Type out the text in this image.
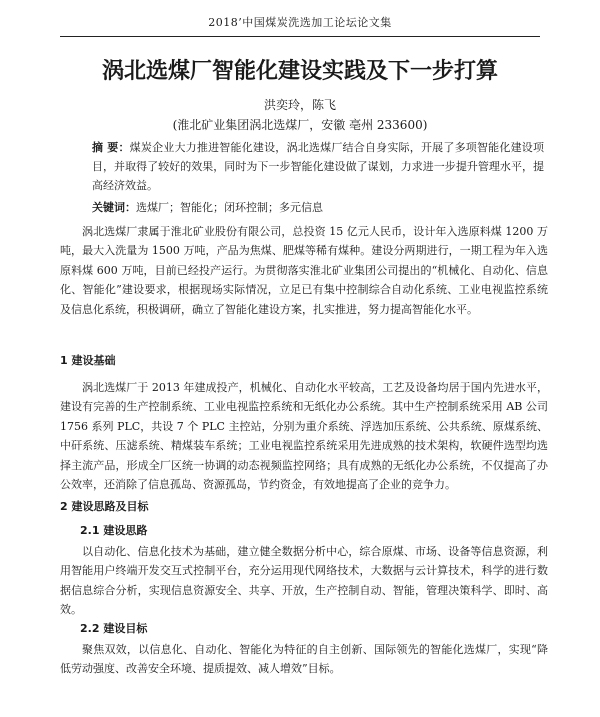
2018’中国煤炭洗选加工论坛论文集
涡北选煤厂智能化建设实践及下一步打算
洪奕玲，陈飞
(淮北矿业集团涡北选煤厂，安徽 亳州 233600)
摘 要：煤炭企业大力推进智能化建设，涡北选煤厂结合自身实际，开展了多项智能化建设项目，并取得了较好的效果，同时为下一步智能化建设做了谋划，力求进一步提升管理水平，提高经济效益。
关键词：选煤厂；智能化；闭环控制；多元信息

涡北选煤厂隶属于淮北矿业股份有限公司，总投资 15 亿元人民币，设计年入选原料煤 1200 万吨，最大入洗量为 1500 万吨，产品为焦煤、肥煤等稀有煤种。建设分两期进行，一期工程为年入选原料煤 600 万吨，目前已经投产运行。为贯彻落实淮北矿业集团公司提出的“机械化、自动化、信息化、智能化”建设要求，根据现场实际情况，立足已有集中控制综合自动化系统、工业电视监控系统及信息化系统，积极调研，确立了智能化建设方案，扎实推进，努力提高智能化水平。

1 建设基础

涡北选煤厂于 2013 年建成投产，机械化、自动化水平较高，工艺及设备均居于国内先进水平，建设有完善的生产控制系统、工业电视监控系统和无纸化办公系统。其中生产控制系统采用 AB 公司 1756 系列 PLC，共设 7 个 PLC 主控站，分别为重介系统、浮选加压系统、公共系统、原煤系统、中矸系统、压滤系统、精煤装车系统；工业电视监控系统采用先进成熟的技术架构，软硬件选型均选择主流产品，形成全厂区统一协调的动态视频监控网络；具有成熟的无纸化办公系统，不仅提高了办公效率，还消除了信息孤岛、资源孤岛，节约资金，有效地提高了企业的竞争力。

2 建设思路及目标
2.1 建设思路

以自动化、信息化技术为基础，建立健全数据分析中心，综合原煤、市场、设备等信息资源，利用智能用户终端开发交互式控制平台，充分运用现代网络技术，大数据与云计算技术，科学的进行数据信息综合分析，实现信息资源安全、共享、开放，生产控制自动、智能，管理决策科学、即时、高效。

2.2 建设目标

聚焦双效，以信息化、自动化、智能化为特征的自主创新、国际领先的智能化选煤厂，实现“降低劳动强度、改善安全环境、提质提效、减人增效”目标。
